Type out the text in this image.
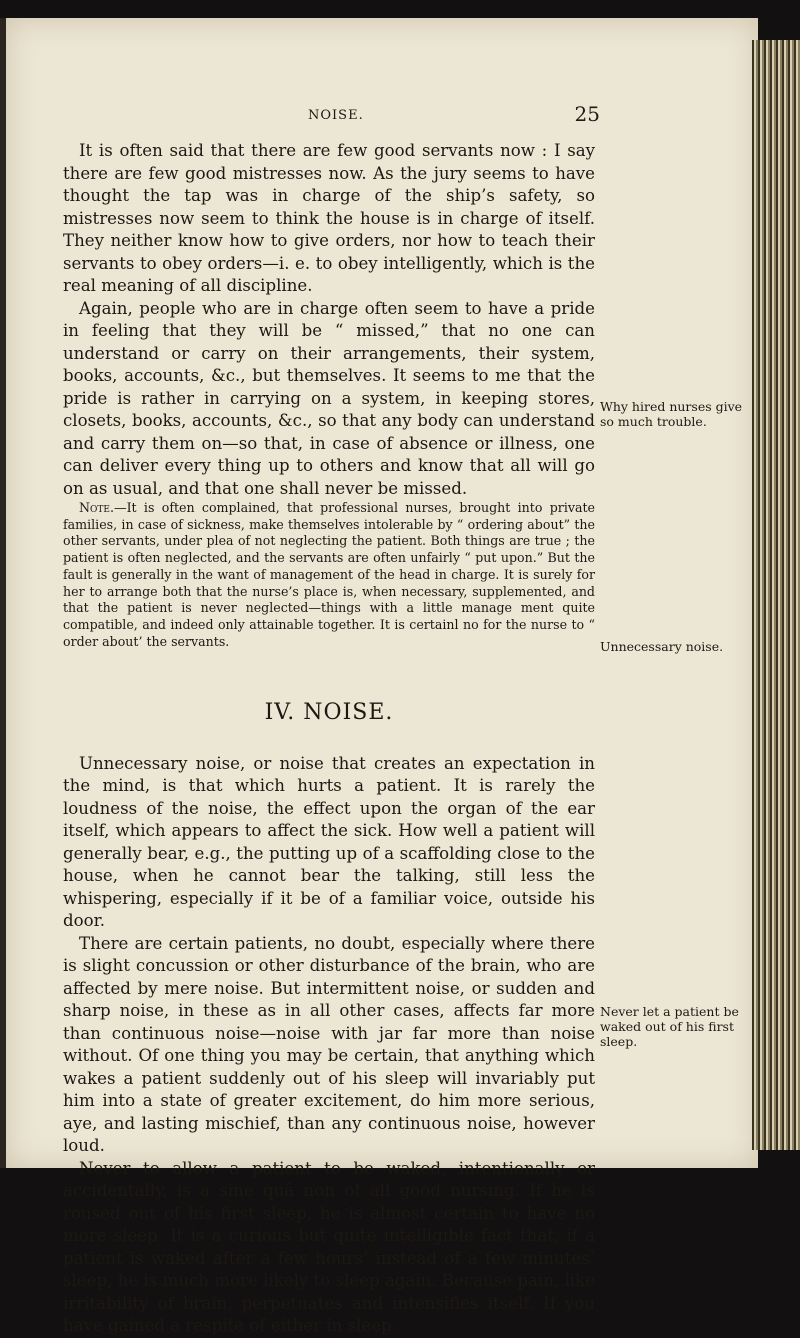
NOISE.	25

It is often said that there are few good servants now : I say there are few good mistresses now. As the jury seems to have thought the tap was in charge of the ship’s safety, so mistresses now seem to think the house is in charge of itself. They neither know how to give orders, nor how to teach their servants to obey orders—i. e. to obey intelligently, which is the real meaning of all discipline.

Again, people who are in charge often seem to have a pride in feeling that they will be “ missed,” that no one can understand or carry on their arrangements, their system, books, accounts, &c., but themselves. It seems to me that the pride is rather in carrying on a system, in keeping stores, closets, books, accounts, &c., so that any body can understand and carry them on—so that, in case of absence or illness, one can deliver every thing up to others and know that all will go on as usual, and that one shall never be missed.

Note.—It is often complained, that professional nurses, brought into private families, in case of sickness, make themselves intolerable by “ ordering about” the other servants, under plea of not neglecting the patient. Both things are true ; the patient is often neglected, and the servants are often unfairly “ put upon.” But the fault is generally in the want of management of the head in charge. It is surely for her to arrange both that the nurse’s place is, when necessary, supplemented, and that the patient is never neglected—things with a little manage ment quite compatible, and indeed only attainable together. It is certainl no for the nurse to “ order about’ the servants.

IV. NOISE.

Unnecessary noise, or noise that creates an expectation in the mind, is that which hurts a patient. It is rarely the loudness of the noise, the effect upon the organ of the ear itself, which appears to affect the sick. How well a patient will generally bear, e.g., the putting up of a scaffolding close to the house, when he cannot bear the talking, still less the whispering, especially if it be of a familiar voice, outside his door.

There are certain patients, no doubt, especially where there is slight concussion or other disturbance of the brain, who are affected by mere noise. But intermittent noise, or sudden and sharp noise, in these as in all other cases, affects far more than continuous noise—noise with jar far more than noise without. Of one thing you may be certain, that anything which wakes a patient suddenly out of his sleep will invariably put him into a state of greater excitement, do him more serious, aye, and lasting mischief, than any continuous noise, however loud.

Never to allow a patient to be waked, intentionally or accidentally, is a sine quâ non of all good nursing. If he is roused out of his first sleep, he is almost certain to have no more sleep. It is a curious but quite intelligible fact that, if a patient is waked after a few hours’ instead of a few minutes’ sleep, he is much more likely to sleep again. Because pain, like irritability of brain, perpetuates and intensifies itself. If you have gained a respite of either in sleep

Why hired nurses give so much trouble.
Unnecessary noise.
Never let a patient be waked out of his first sleep.
